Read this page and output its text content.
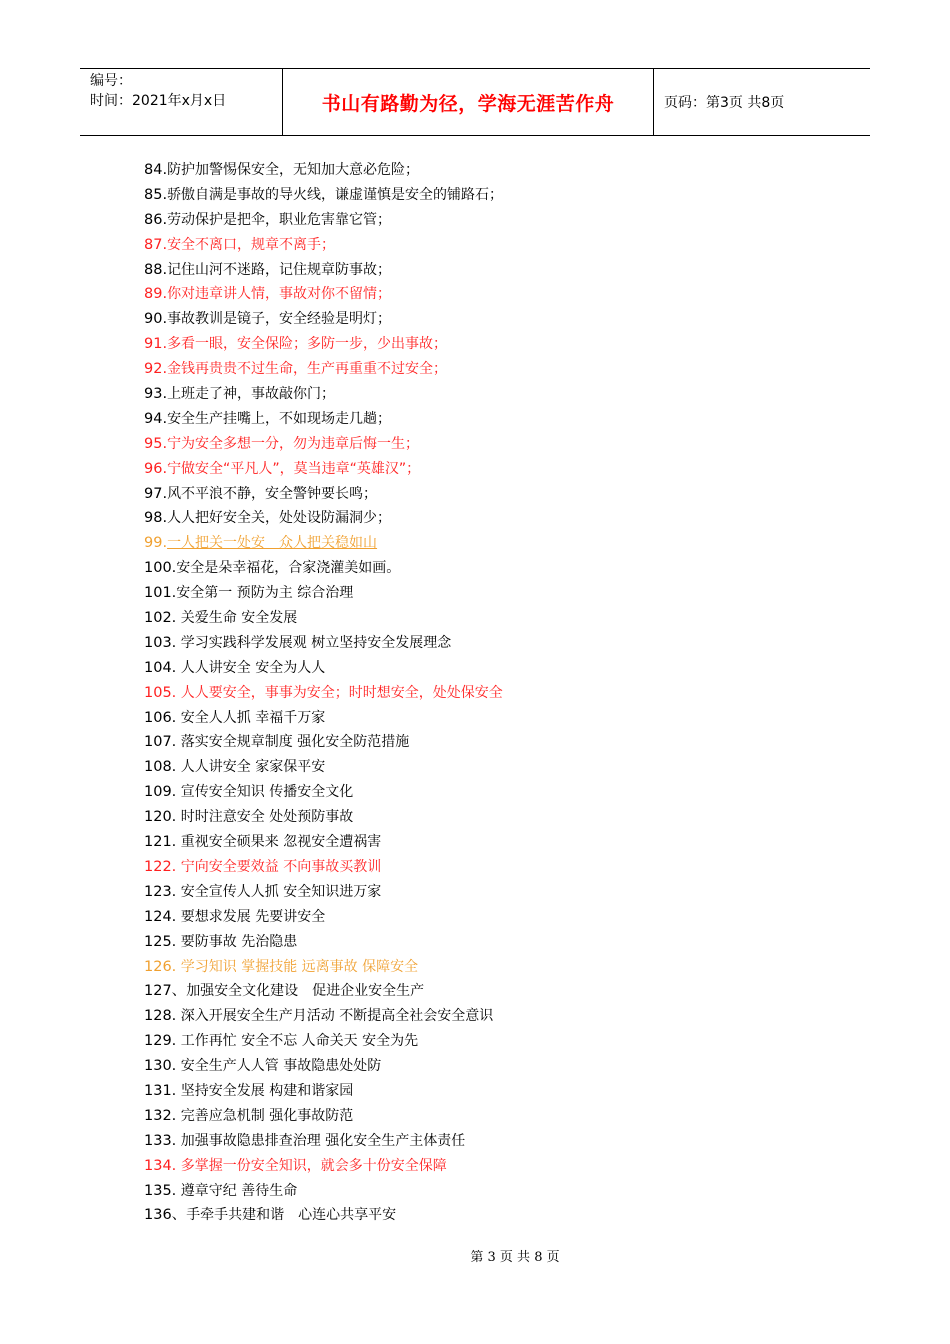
编号：
时间：2021年x月x日	书山有路勤为径，学海无涯苦作舟	页码：第3页 共8页
84.防护加警惕保安全，无知加大意必危险；
85.骄傲自满是事故的导火线，谦虚谨慎是安全的铺路石；
86.劳动保护是把伞，职业危害靠它管；
87.安全不离口，规章不离手；
88.记住山河不迷路，记住规章防事故；
89.你对违章讲人情，事故对你不留情；
90.事故教训是镜子，安全经验是明灯；
91.多看一眼，安全保险；多防一步，少出事故；
92.金钱再贵贵不过生命，生产再重重不过安全；
93.上班走了神，事故敲你门；
94.安全生产挂嘴上，不如现场走几趟；
95.宁为安全多想一分，勿为违章后悔一生；
96.宁做安全“平凡人”，莫当违章“英雄汉”；
97.风不平浪不静，安全警钟要长鸣；
98.人人把好安全关，处处设防漏洞少；
99.一人把关一处安　众人把关稳如山
100.安全是朵幸福花，合家浇灌美如画。
101.安全第一 预防为主 综合治理
102. 关爱生命 安全发展
103. 学习实践科学发展观 树立坚持安全发展理念
104. 人人讲安全 安全为人人
105. 人人要安全，事事为安全；时时想安全，处处保安全
106. 安全人人抓 幸福千万家
107. 落实安全规章制度 强化安全防范措施
108. 人人讲安全 家家保平安
109. 宣传安全知识 传播安全文化
120. 时时注意安全 处处预防事故
121. 重视安全硕果来 忽视安全遭祸害
122. 宁向安全要效益 不向事故买教训
123. 安全宣传人人抓 安全知识进万家
124. 要想求发展 先要讲安全
125. 要防事故 先治隐患
126. 学习知识 掌握技能 远离事故 保障安全
127、加强安全文化建设　促进企业安全生产
128. 深入开展安全生产月活动 不断提高全社会安全意识
129. 工作再忙 安全不忘 人命关天 安全为先
130. 安全生产人人管 事故隐患处处防
131. 坚持安全发展 构建和谐家园
132. 完善应急机制 强化事故防范
133. 加强事故隐患排查治理 强化安全生产主体责任
134. 多掌握一份安全知识，就会多十份安全保障
135. 遵章守纪 善待生命
136、手牵手共建和谐　心连心共享平安
第 3 页 共 8 页
